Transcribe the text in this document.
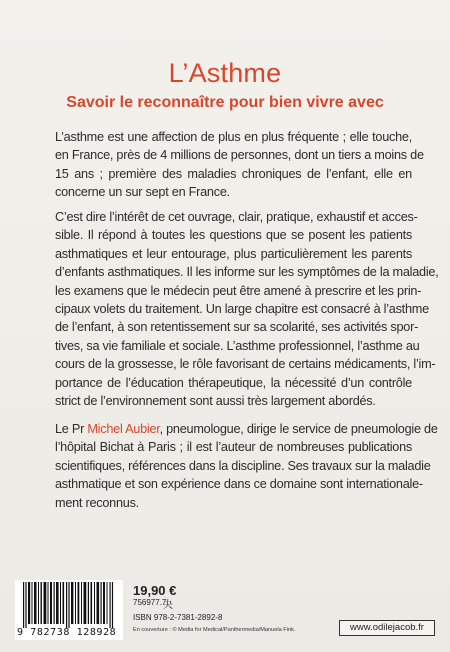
L’Asthme
Savoir le reconnaître pour bien vivre avec
L’asthme est une affection de plus en plus fréquente ; elle touche,
en France, près de 4 millions de personnes, dont un tiers a moins de
15 ans ; première des maladies chroniques de l’enfant, elle en
concerne un sur sept en France.
C’est dire l’intérêt de cet ouvrage, clair, pratique, exhaustif et acces-
sible. Il répond à toutes les questions que se posent les patients
asthmatiques et leur entourage, plus particulièrement les parents
d’enfants asthmatiques. Il les informe sur les symptômes de la maladie,
les examens que le médecin peut être amené à prescrire et les prin-
cipaux volets du traitement. Un large chapitre est consacré à l’asthme
de l’enfant, à son retentissement sur sa scolarité, ses activités spor-
tives, sa vie familiale et sociale. L’asthme professionnel, l’asthme au
cours de la grossesse, le rôle favorisant de certains médicaments, l’im-
portance de l’éducation thérapeutique, la nécessité d’un contrôle
strict de l’environnement sont aussi très largement abordés.
Le Pr Michel Aubier, pneumologue, dirige le service de pneumologie de
l’hôpital Bichat à Paris ; il est l’auteur de nombreuses publications
scientifiques, références dans la discipline. Ses travaux sur la maladie
asthmatique et son expérience dans ce domaine sont internationale-
ment reconnus.
9 782738 128928
19,90 €
756977.7
夬
ISBN 978-2-7381-2892-8
En couverture : © Media for Medical/Panthermedia/Manuela Fink.	www.odilejacob.fr
